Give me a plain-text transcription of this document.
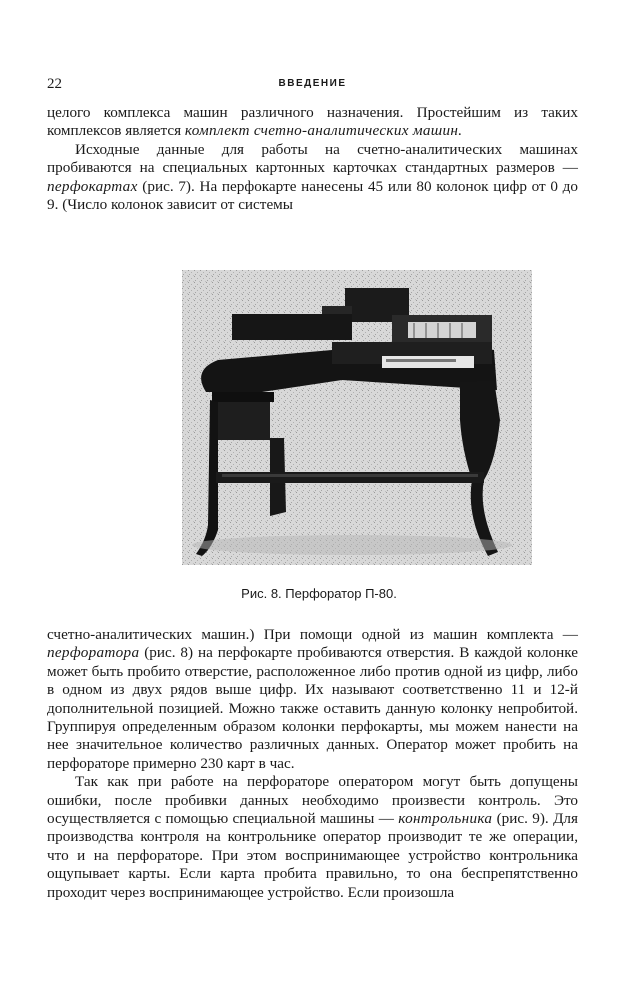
22	ВВЕДЕНИЕ

целого комплекса машин различного назначения. Простейшим из таких комплексов является комплект счетно-аналитических машин.

Исходные данные для работы на счетно-аналитических машинах пробиваются на специальных картонных карточках стандартных размеров — перфокартах (рис. 7). На перфокарте нанесены 45 или 80 колонок цифр от 0 до 9. (Число колонок зависит от системы

Рис. 8. Перфоратор П-80.

счетно-аналитических машин.) При помощи одной из машин комплекта — перфоратора (рис. 8) на перфокарте пробиваются отверстия. В каждой колонке может быть пробито отверстие, расположенное либо против одной из цифр, либо в одном из двух рядов выше цифр. Их называют соответственно 11 и 12-й дополнительной позицией. Можно также оставить данную колонку непробитой. Группируя определенным образом колонки перфокарты, мы можем нанести на нее значительное количество различных данных. Оператор может пробить на перфораторе примерно 230 карт в час.

Так как при работе на перфораторе оператором могут быть допущены ошибки, после пробивки данных необходимо произвести контроль. Это осуществляется с помощью специальной машины — контрольника (рис. 9). Для производства контроля на контрольнике оператор производит те же операции, что и на перфораторе. При этом воспринимающее устройство контрольника ощупывает карты. Если карта пробита правильно, то она беспрепятственно проходит через воспринимающее устройство. Если произошла
